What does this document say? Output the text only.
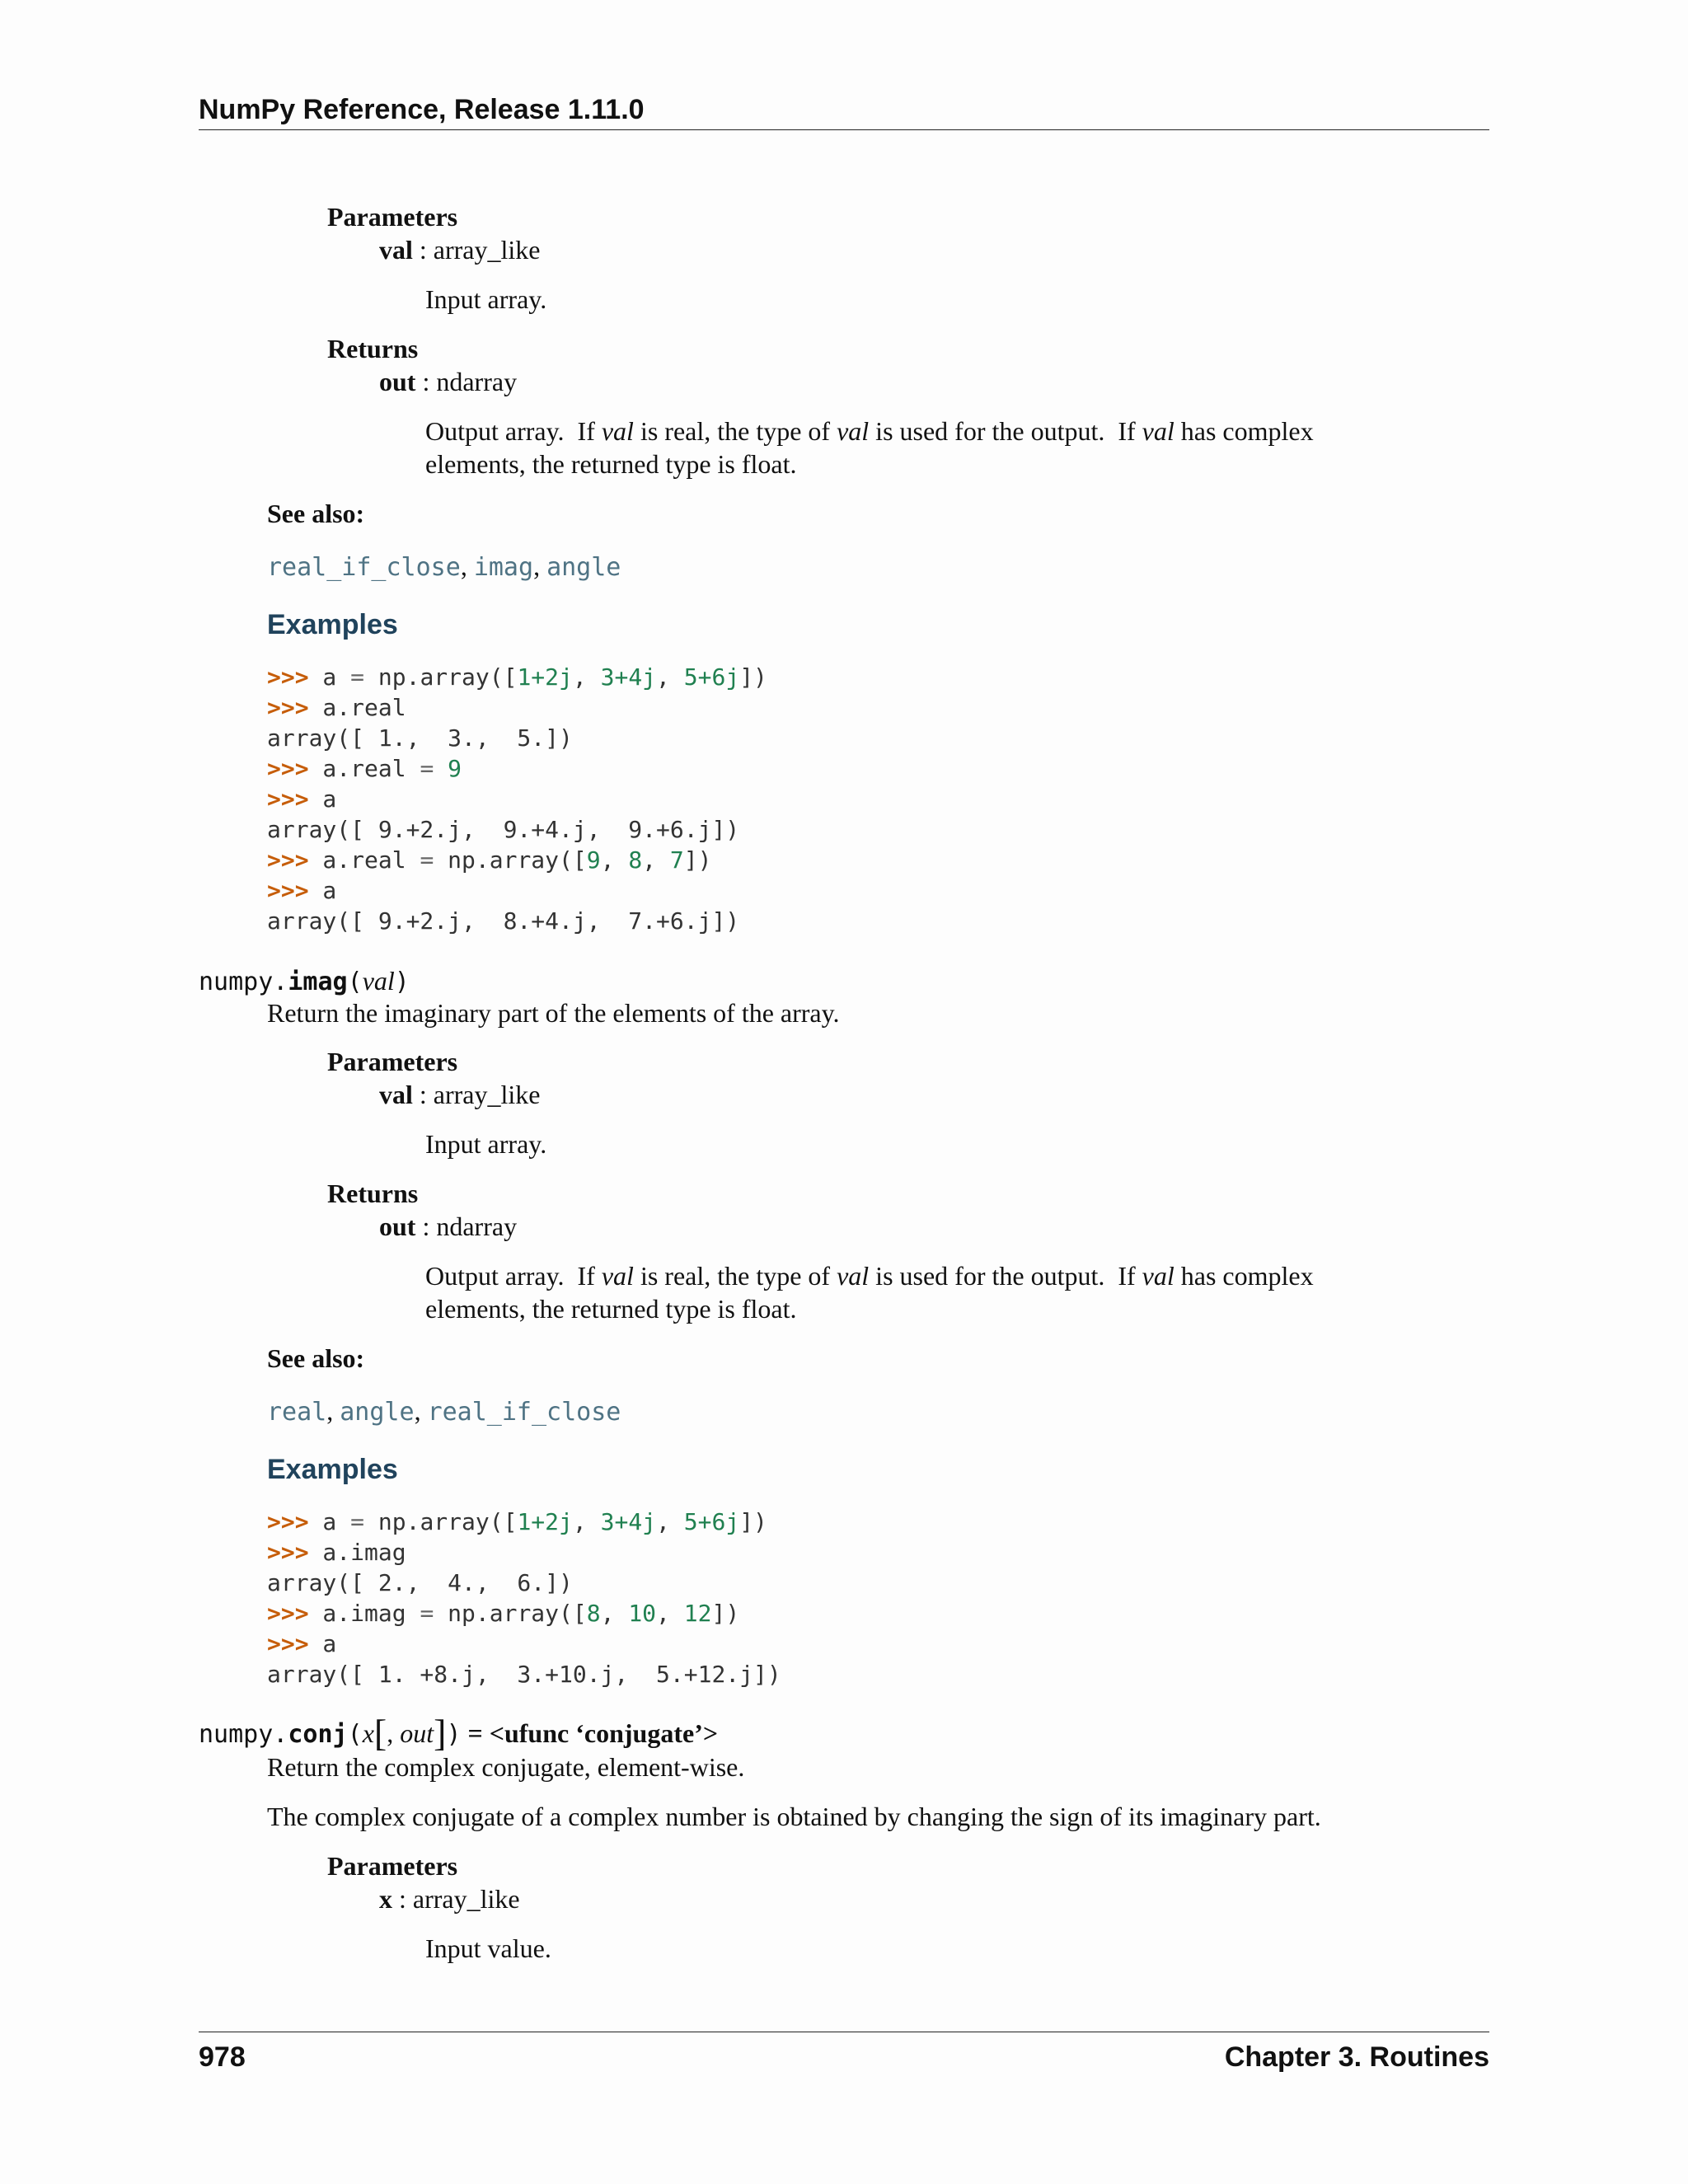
NumPy Reference, Release 1.11.0
Parameters
val : array_like
Input array.
Returns
out : ndarray
Output array.  If val is real, the type of val is used for the output.  If val has complex
elements, the returned type is float.
See also:
real_if_close, imag, angle
Examples
>>> a = np.array([1+2j, 3+4j, 5+6j])
>>> a.real
array([ 1.,  3.,  5.])
>>> a.real = 9
>>> a
array([ 9.+2.j,  9.+4.j,  9.+6.j])
>>> a.real = np.array([9, 8, 7])
>>> a
array([ 9.+2.j,  8.+4.j,  7.+6.j])
numpy.imag(val)
Return the imaginary part of the elements of the array.
Parameters
val : array_like
Input array.
Returns
out : ndarray
Output array.  If val is real, the type of val is used for the output.  If val has complex
elements, the returned type is float.
See also:
real, angle, real_if_close
Examples
>>> a = np.array([1+2j, 3+4j, 5+6j])
>>> a.imag
array([ 2.,  4.,  6.])
>>> a.imag = np.array([8, 10, 12])
>>> a
array([ 1. +8.j,  3.+10.j,  5.+12.j])
numpy.conj(x[, out]) = <ufunc ‘conjugate’>
Return the complex conjugate, element-wise.
The complex conjugate of a complex number is obtained by changing the sign of its imaginary part.
Parameters
x : array_like
Input value.
978	Chapter 3. Routines
